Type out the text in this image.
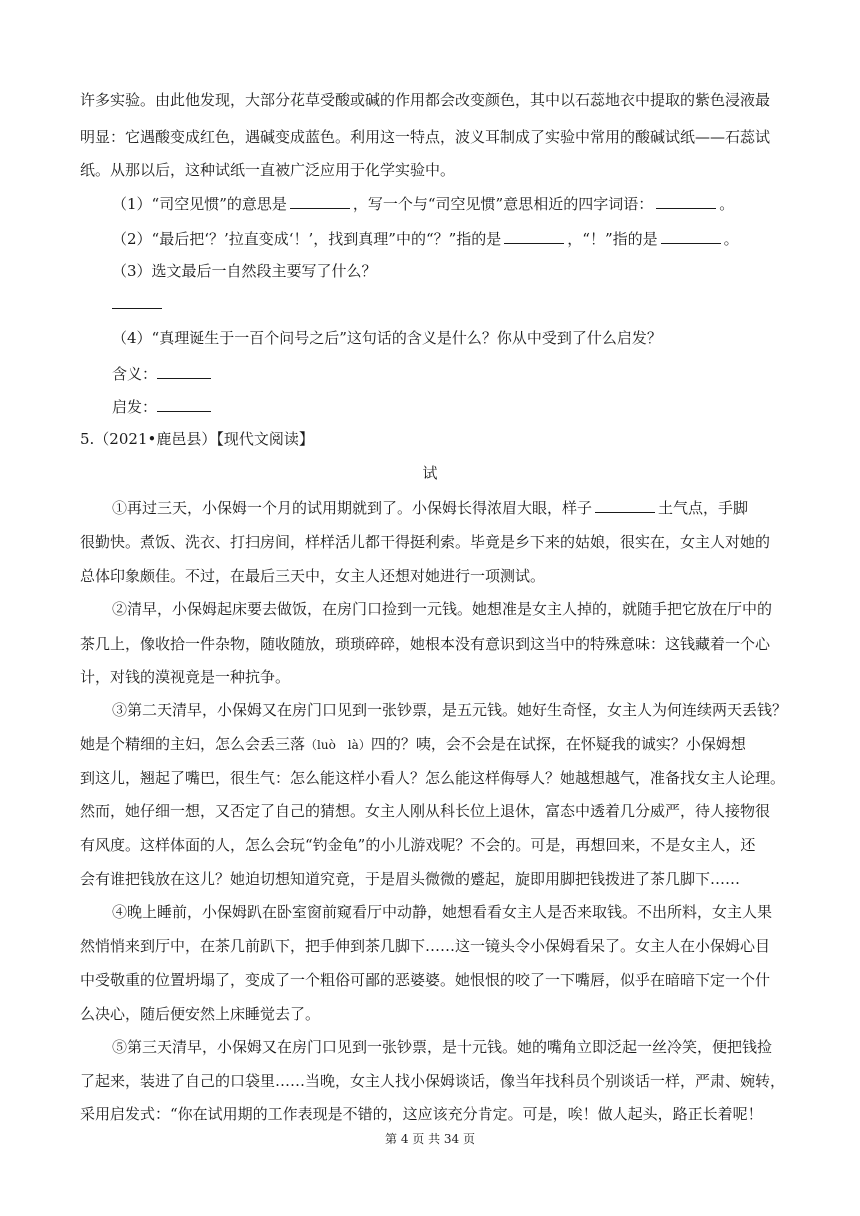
许多实验。由此他发现，大部分花草受酸或碱的作用都会改变颜色，其中以石蕊地衣中提取的紫色浸液最
明显：它遇酸变成红色，遇碱变成蓝色。利用这一特点，波义耳制成了实验中常用的酸碱试纸——石蕊试
纸。从那以后，这种试纸一直被广泛应用于化学实验中。
（1）“司空见惯”的意思是	，写一个与“司空见惯”意思相近的四字词语：	。
（2）“最后把‘？’拉直变成‘！’，找到真理”中的“？”指的是	，“！”指的是	。
（3）选文最后一自然段主要写了什么？
（4）“真理诞生于一百个问号之后”这句话的含义是什么？你从中受到了什么启发？
含义：
启发：
5.（2021•鹿邑县）【现代文阅读】
试
①再过三天，小保姆一个月的试用期就到了。小保姆长得浓眉大眼，样子	土气点，手脚
很勤快。煮饭、洗衣、打扫房间，样样活儿都干得挺利索。毕竟是乡下来的姑娘，很实在，女主人对她的
总体印象颇佳。不过，在最后三天中，女主人还想对她进行一项测试。
②清早，小保姆起床要去做饭，在房门口捡到一元钱。她想准是女主人掉的，就随手把它放在厅中的
茶几上，像收拾一件杂物，随收随放，琐琐碎碎，她根本没有意识到这当中的特殊意味：这钱藏着一个心
计，对钱的漠视竟是一种抗争。
③第二天清早，小保姆又在房门口见到一张钞票，是五元钱。她好生奇怪，女主人为何连续两天丢钱？
她是个精细的主妇，怎么会丢三落（luò　là）四的？咦，会不会是在试探，在怀疑我的诚实？小保姆想
到这儿，翘起了嘴巴，很生气：怎么能这样小看人？怎么能这样侮辱人？她越想越气，准备找女主人论理。
然而，她仔细一想，又否定了自己的猜想。女主人刚从科长位上退休，富态中透着几分威严，待人接物很
有风度。这样体面的人，怎么会玩“钓金龟”的小儿游戏呢？不会的。可是，再想回来，不是女主人，还
会有谁把钱放在这儿？她迫切想知道究竟，于是眉头微微的蹙起，旋即用脚把钱拨进了茶几脚下……
④晚上睡前，小保姆趴在卧室窗前窥看厅中动静，她想看看女主人是否来取钱。不出所料，女主人果
然悄悄来到厅中，在茶几前趴下，把手伸到茶几脚下……这一镜头令小保姆看呆了。女主人在小保姆心目
中受敬重的位置坍塌了，变成了一个粗俗可鄙的恶婆婆。她恨恨的咬了一下嘴唇，似乎在暗暗下定一个什
么决心，随后便安然上床睡觉去了。
⑤第三天清早，小保姆又在房门口见到一张钞票，是十元钱。她的嘴角立即泛起一丝冷笑，便把钱捡
了起来，装进了自己的口袋里……当晚，女主人找小保姆谈话，像当年找科员个别谈话一样，严肃、婉转，
采用启发式：“你在试用期的工作表现是不错的，这应该充分肯定。可是，唉！做人起头，路正长着呢！
第 4 页 共 34 页
